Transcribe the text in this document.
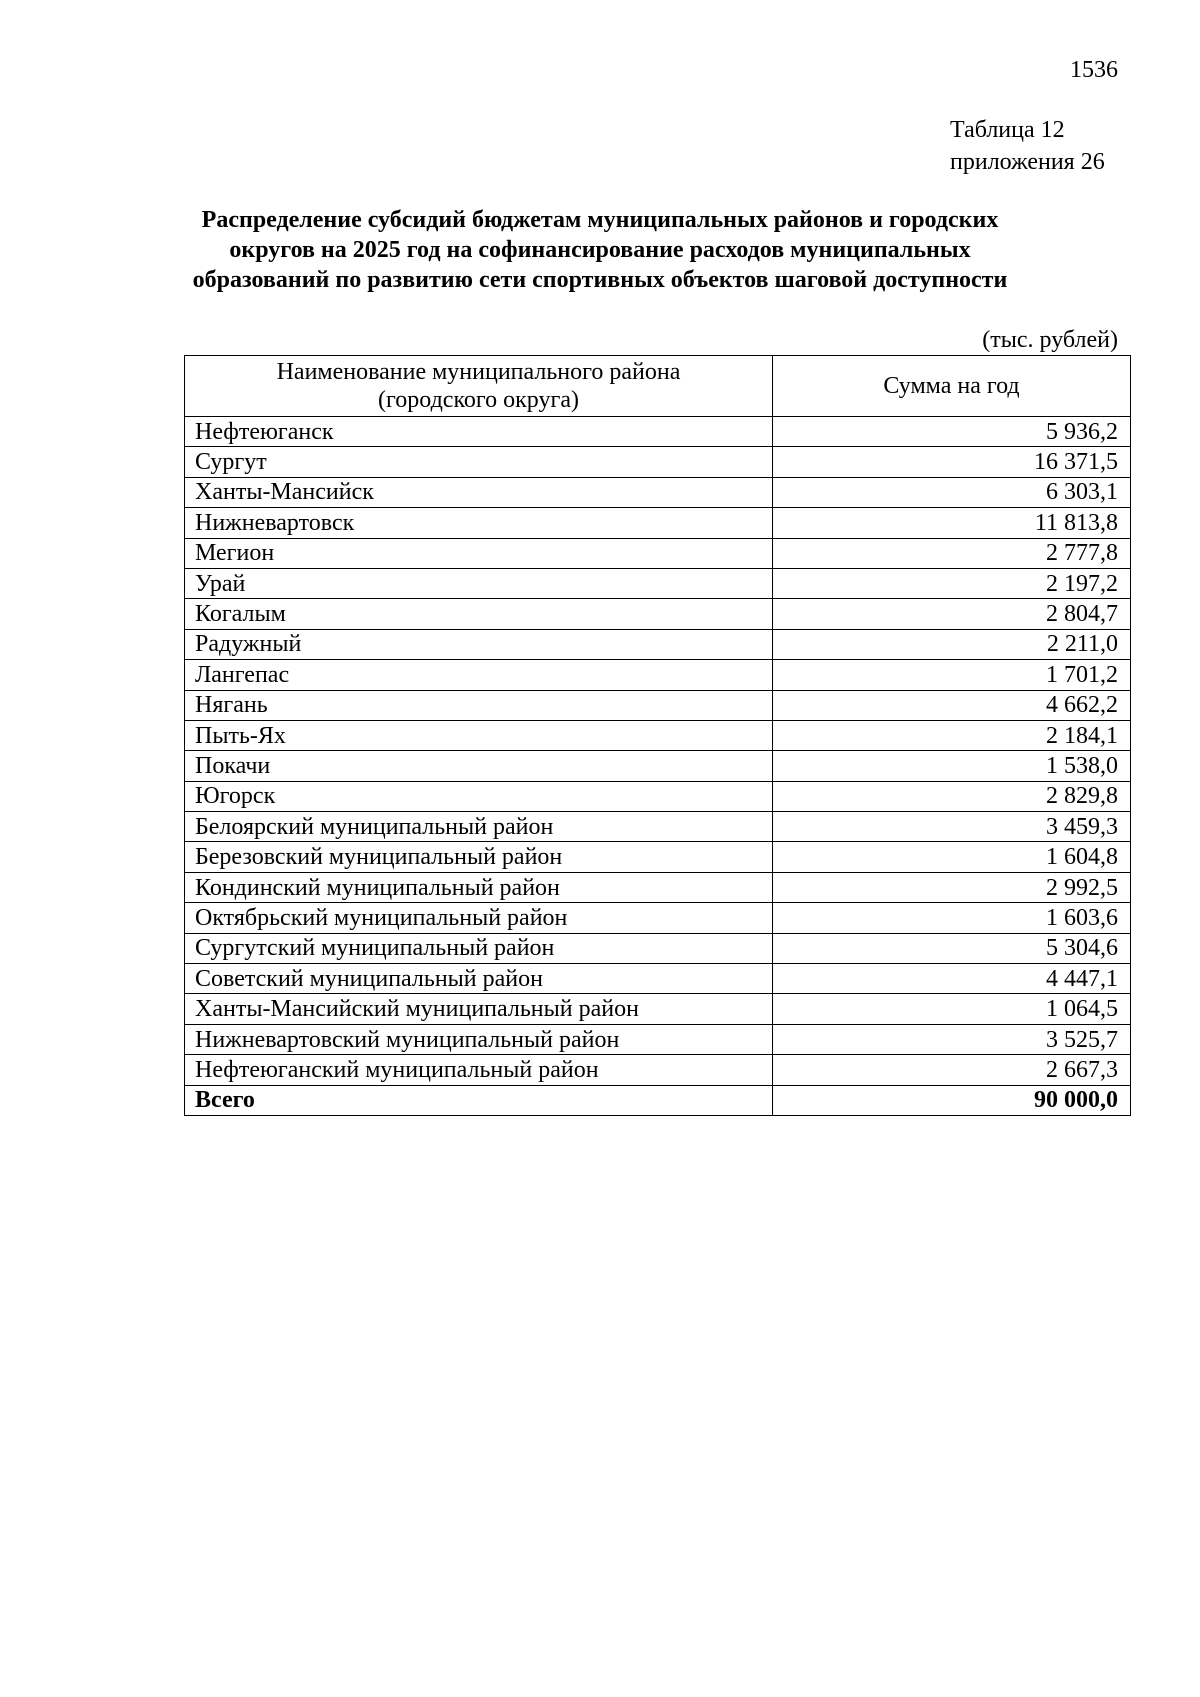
1536
Таблица 12
приложения 26
Распределение субсидий бюджетам муниципальных районов и городских
округов на 2025 год на софинансирование расходов муниципальных
образований по развитию сети спортивных объектов шаговой доступности
(тыс. рублей)
Наименование муниципального района
(городского округа)	Сумма на год
Нефтеюганск	5 936,2
Сургут	16 371,5
Ханты-Мансийск	6 303,1
Нижневартовск	11 813,8
Мегион	2 777,8
Урай	2 197,2
Когалым	2 804,7
Радужный	2 211,0
Лангепас	1 701,2
Нягань	4 662,2
Пыть-Ях	2 184,1
Покачи	1 538,0
Югорск	2 829,8
Белоярский муниципальный район	3 459,3
Березовский муниципальный район	1 604,8
Кондинский муниципальный район	2 992,5
Октябрьский муниципальный район	1 603,6
Сургутский муниципальный район	5 304,6
Советский муниципальный район	4 447,1
Ханты-Мансийский муниципальный район	1 064,5
Нижневартовский муниципальный район	3 525,7
Нефтеюганский муниципальный район	2 667,3
Всего	90 000,0
